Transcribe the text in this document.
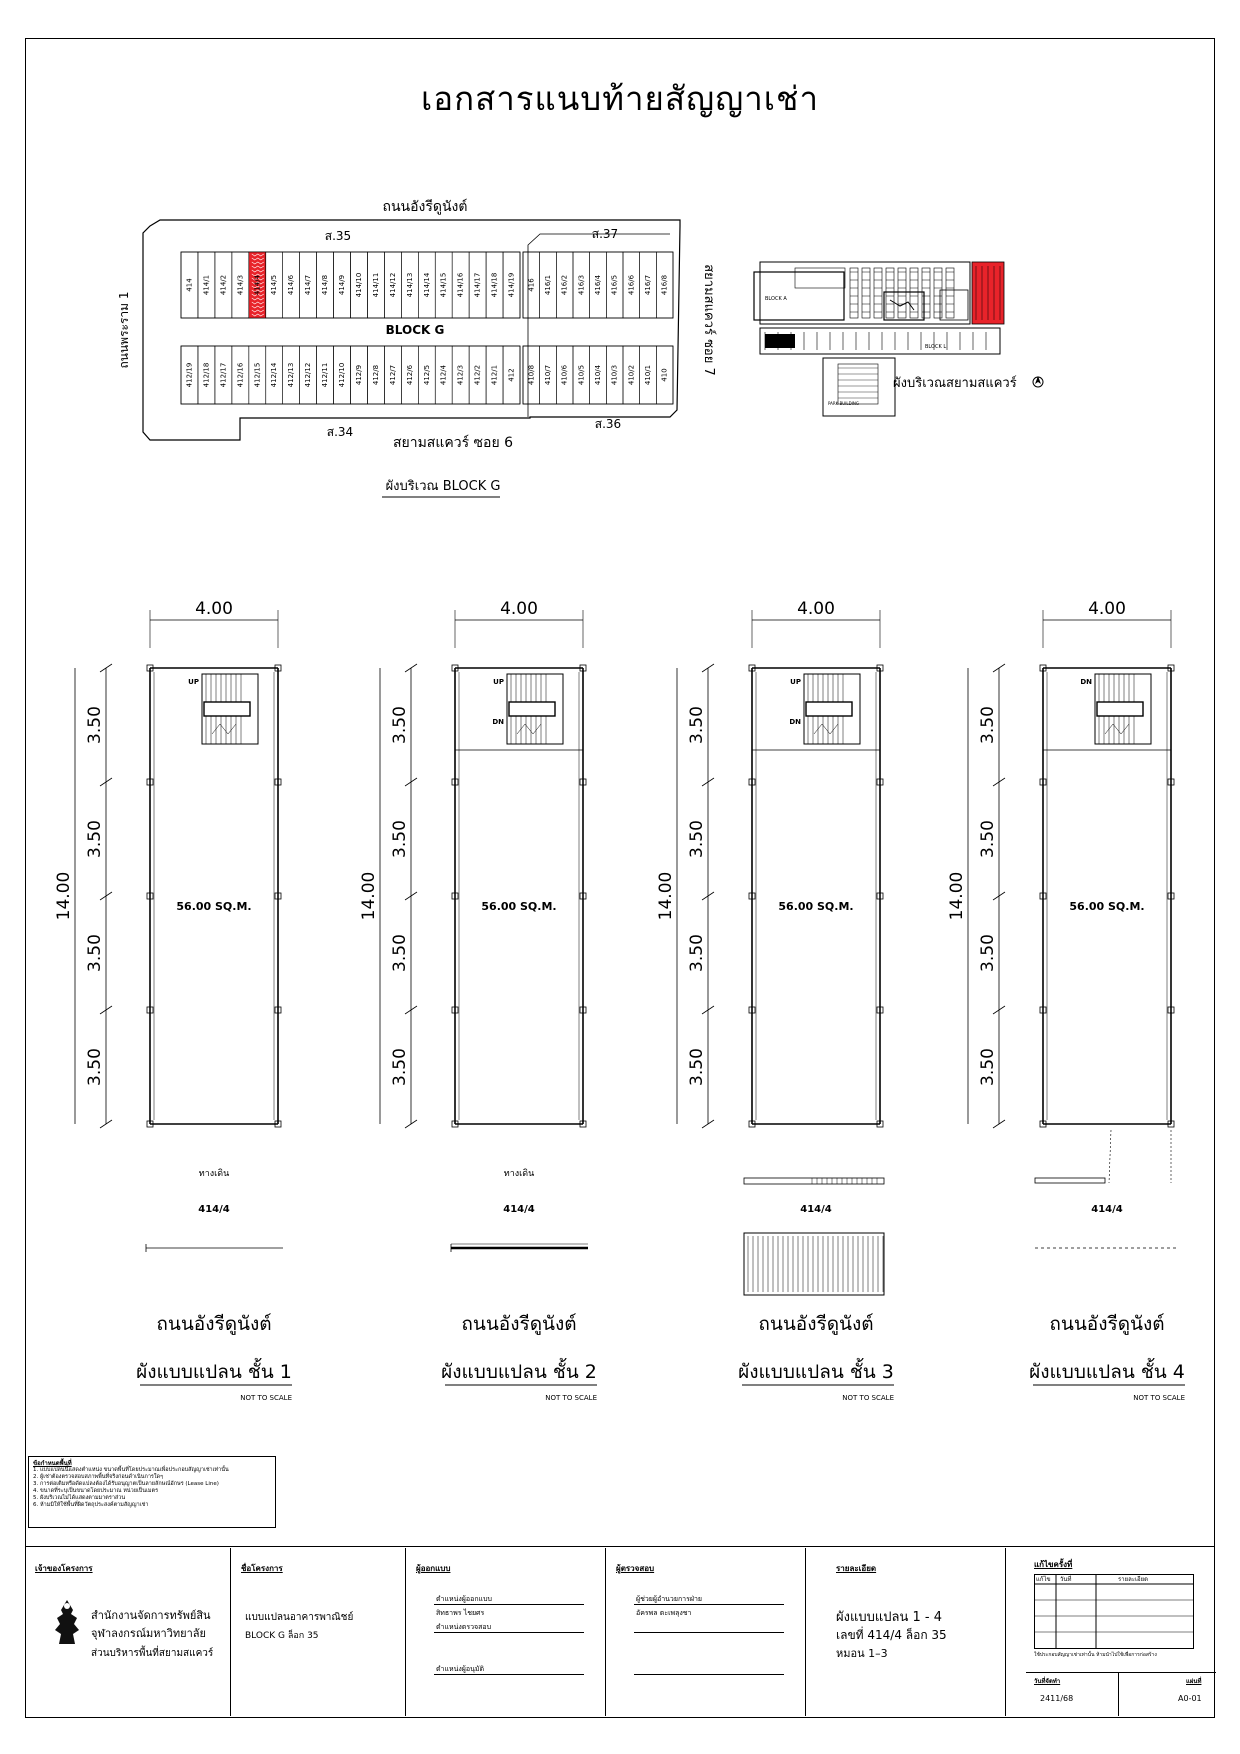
เอกสารแนบท้ายสัญญาเช่า
414 414/1 414/2 414/3 414/4 414/5 414/6 414/7 414/8 414/9 414/10 414/11 414/12 414/13 414/14 414/15 414/16 414/17 414/18 414/19
412/19 412/18 412/17 412/16 412/15 412/14 412/13 412/12 412/11 412/10 412/9 412/8 412/7 412/6 412/5 412/4 412/3 412/2 412/1 412
416 416/1 416/2 416/3 416/4 416/5 416/6 416/7 416/8
410/8 410/7 410/6 410/5 410/4 410/3 410/2 410/1 410
BLOCK G
ถนนอังรีดูนังต์
ส.35	ส.37
ส.34
ส.36
สยามสแควร์ ซอย 6
ถนนพระราม 1	สยามสแควร์ ซอย 7
ผังบริเวณ BLOCK G
BLOCK A
BLOCK L
PARK BUILDING
ผังบริเวณสยามสแควร์
UP
4.00
3.50
3.50
3.50
3.50
14.00	56.00 SQ.M.
ทางเดิน
414/4
ถนนอังรีดูนังต์
ผังแบบแปลน ชั้น 1
NOT TO SCALE
UP
DN
4.00
3.50
3.50
3.50
3.50
14.00	56.00 SQ.M.
ทางเดิน
414/4
ถนนอังรีดูนังต์
ผังแบบแปลน ชั้น 2
NOT TO SCALE
UP
DN
4.00
3.50
3.50
3.50
3.50
14.00	56.00 SQ.M.
414/4
ถนนอังรีดูนังต์
ผังแบบแปลน ชั้น 3
NOT TO SCALE
DN
4.00
3.50
3.50
3.50
3.50
14.00	56.00 SQ.M.
414/4
ถนนอังรีดูนังต์
ผังแบบแปลน ชั้น 4
NOT TO SCALE
ข้อกำหนดพื้นที่
1. แบบแปลนนี้แสดงตำแหน่ง ขนาดพื้นที่โดยประมาณเพื่อประกอบสัญญาเช่าเท่านั้น
2. ผู้เช่าต้องตรวจสอบสภาพพื้นที่จริงก่อนดำเนินการใดๆ
3. การต่อเติมหรือดัดแปลงต้องได้รับอนุญาตเป็นลายลักษณ์อักษร (Lease Line)
4. ขนาดที่ระบุเป็นขนาดโดยประมาณ หน่วยเป็นเมตร
5. ผังบริเวณไม่ได้แสดงตามมาตราส่วน
6. ห้ามมิให้ใช้พื้นที่ผิดวัตถุประสงค์ตามสัญญาเช่า
เจ้าของโครงการ
สำนักงานจัดการทรัพย์สิน
จุฬาลงกรณ์มหาวิทยาลัย
ส่วนบริหารพื้นที่สยามสแควร์
ชื่อโครงการ
แบบแปลนอาคารพาณิชย์
BLOCK G ล็อก 35
ผู้ออกแบบ
ตำแหน่งผู้ออกแบบ
สิทธาพร ไชยศร
ตำแหน่งตรวจสอบ
ตำแหน่งผู้อนุมัติ
ผู้ตรวจสอบ
ผู้ช่วยผู้อำนวยการฝ่าย
อัครพล ตะเพลุงชา
รายละเอียด
ผังแบบแปลน 1 - 4
เลขที่ 414/4 ล็อก 35
หมอน 1–3
แก้ไขครั้งที่
แก้ไข วันที่	รายละเอียด
ใช้ประกอบสัญญาเช่าเท่านั้น ห้ามนำไปใช้เพื่อการก่อสร้าง
วันที่จัดทำ
2411/68
แผ่นที่
A0-01
